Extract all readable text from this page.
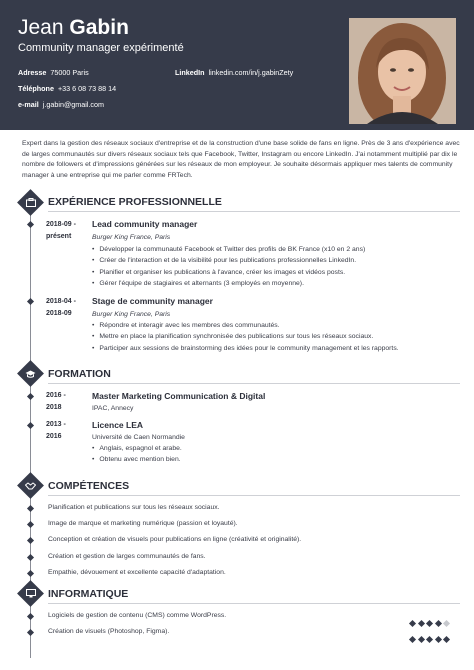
Jean Gabin
Community manager expérimenté
Adresse 75000 Paris	LinkedIn linkedin.com/in/j.gabinZety
Téléphone +33 6 08 73 88 14
e-mail j.gabin@gmail.com
Expert dans la gestion des réseaux sociaux d'entreprise et de la construction d'une base solide de fans en ligne. Près de 3 ans d'expérience avec de larges communautés sur divers réseaux sociaux tels que Facebook, Twitter, Instagram ou encore LinkedIn. J'ai notamment multiplié par dix le nombre de followers et d'impressions générées sur les réseaux de mon employeur. Je souhaite désormais appliquer mes talents de community manager à une entreprise qui me parler comme FRTech.
EXPÉRIENCE PROFESSIONNELLE
2018-09 -
présent
Lead community manager
Burger King France, Paris
• Développer la communauté Facebook et Twitter des profils de BK France (x10 en 2 ans)
• Créer de l'interaction et de la visibilité pour les publications professionnelles LinkedIn.
• Planifier et organiser les publications à l'avance, créer les images et vidéos posts.
• Gérer l'équipe de stagiaires et alternants (3 employés en moyenne).
2018-04 -
2018-09
Stage de community manager
Burger King France, Paris
• Répondre et interagir avec les membres des communautés.
• Mettre en place la planification synchronisée des publications sur tous les réseaux sociaux.
• Participer aux sessions de brainstorming des idées pour le community management et les rapports.
FORMATION
2016 -
2018
Master Marketing Communication & Digital
IPAC, Annecy
2013 -
2016
Licence LEA
Université de Caen Normandie
• Anglais, espagnol et arabe.
• Obtenu avec mention bien.
COMPÉTENCES
Planification et publications sur tous les réseaux sociaux.
Image de marque et marketing numérique (passion et loyauté).
Conception et création de visuels pour publications en ligne (créativité et originalité).
Création et gestion de larges communautés de fans.
Empathie, dévouement et excellente capacité d'adaptation.
INFORMATIQUE
Logiciels de gestion de contenu (CMS) comme WordPress.
Création de visuels (Photoshop, Figma).
